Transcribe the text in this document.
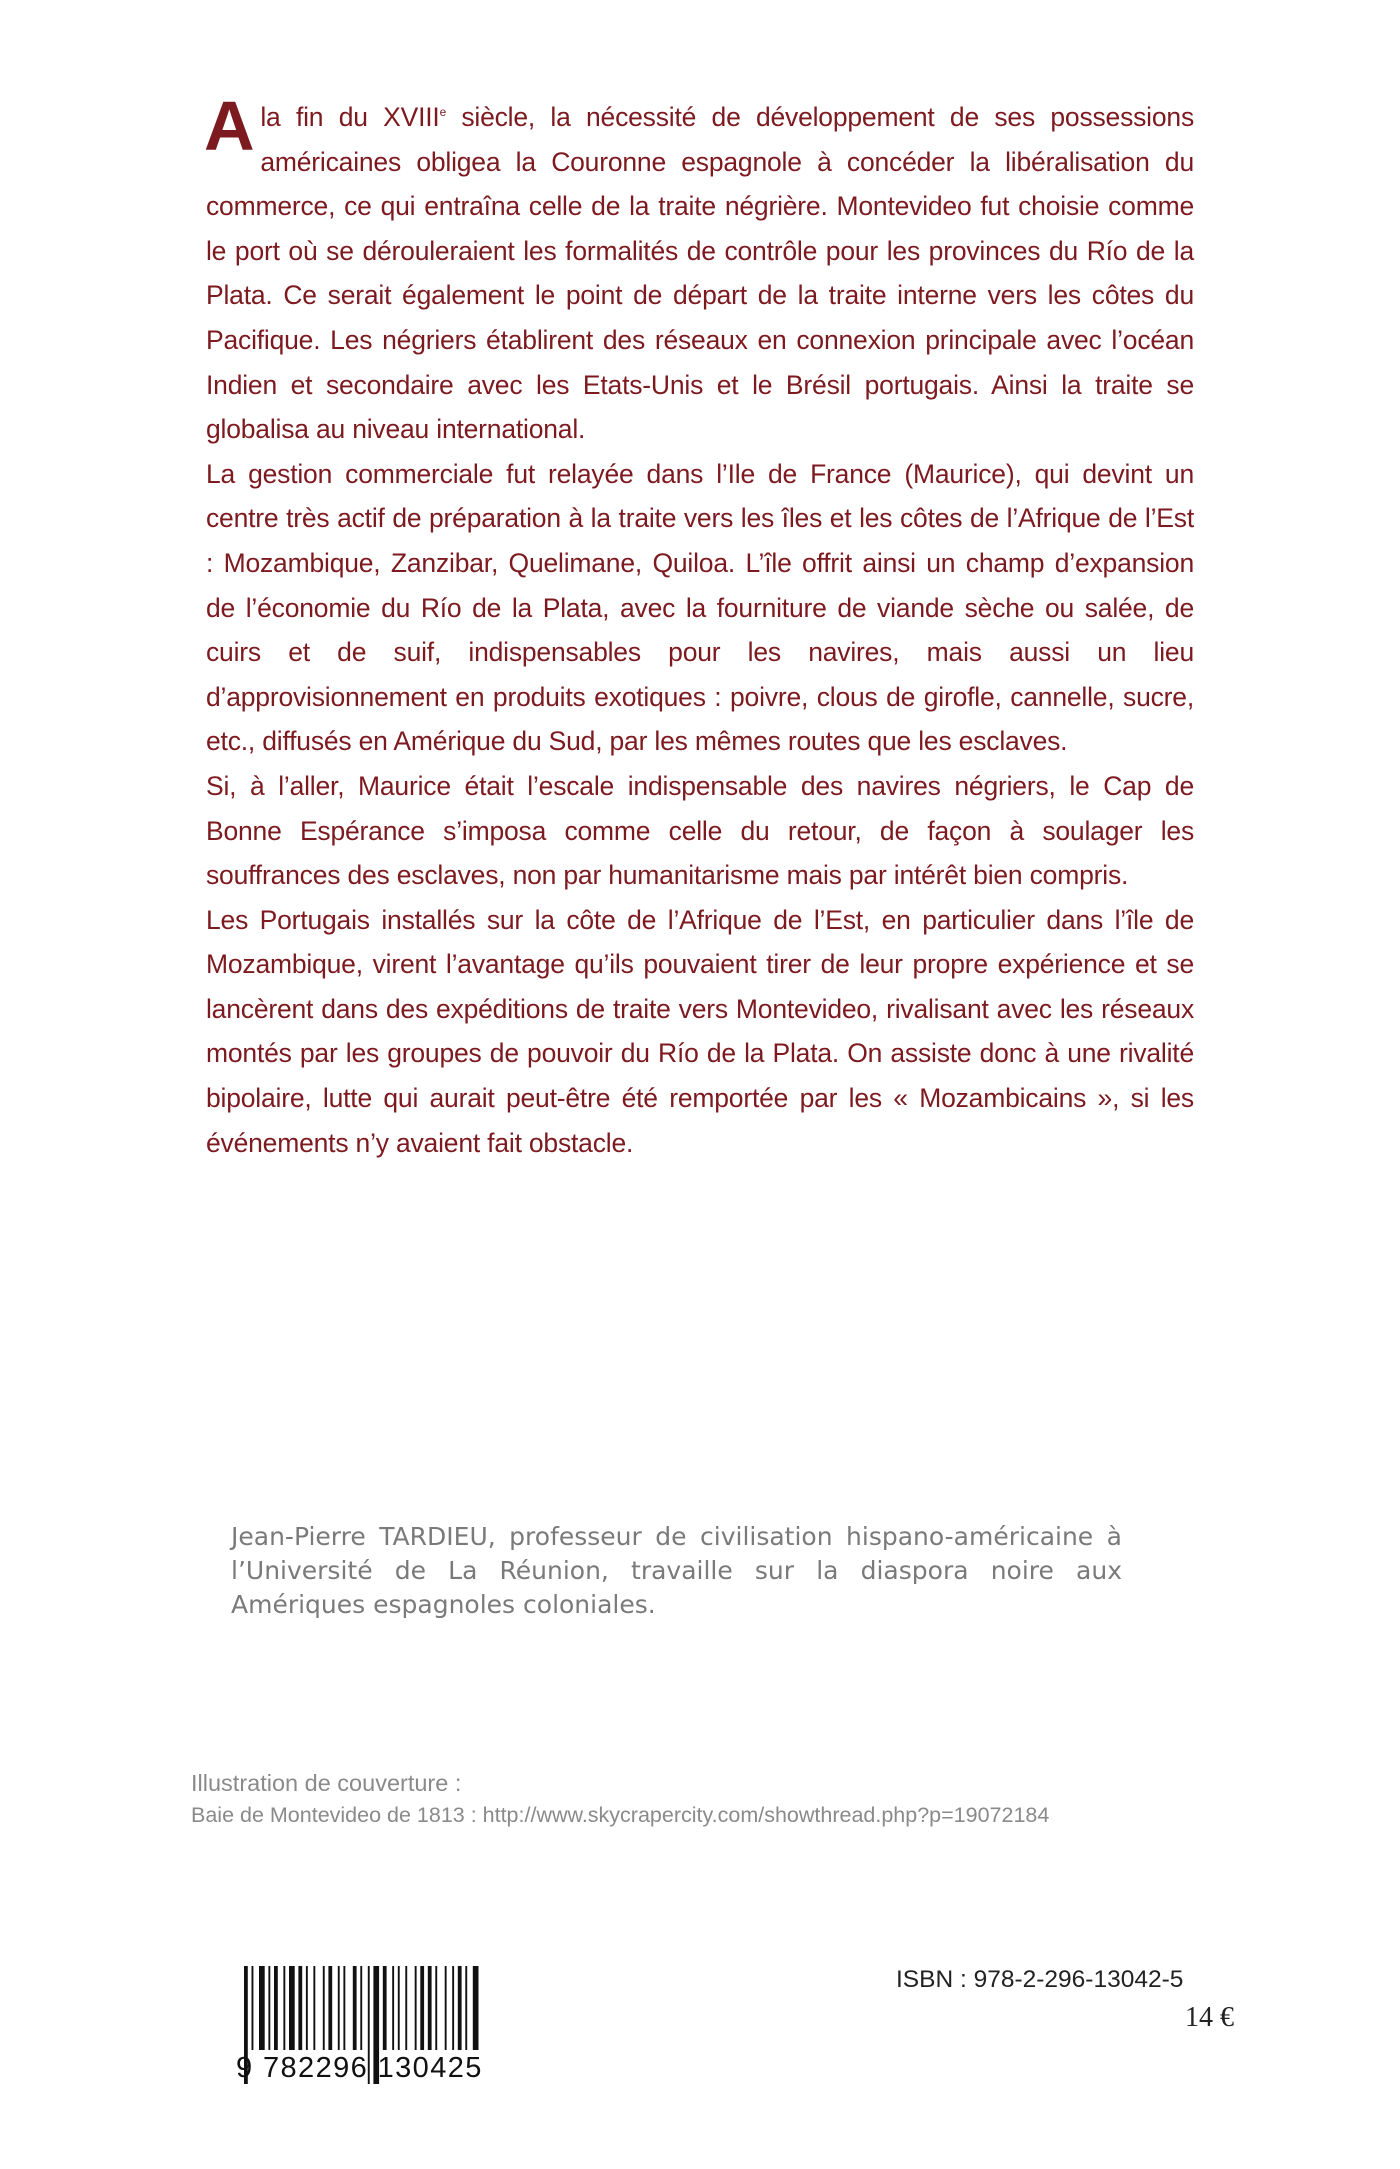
A la fin du XVIIIe siècle, la nécessité de développement de ses possessions américaines obligea la Couronne espagnole à concéder la libéralisation du commerce, ce qui entraîna celle de la traite négrière. Montevideo fut choisie comme le port où se dérouleraient les formalités de contrôle pour les provinces du Río de la Plata. Ce serait également le point de départ de la traite interne vers les côtes du Pacifique. Les négriers établirent des réseaux en connexion principale avec l’océan Indien et secondaire avec les Etats-Unis et le Brésil portugais. Ainsi la traite se globalisa au niveau international.

La gestion commerciale fut relayée dans l’Ile de France (Maurice), qui devint un centre très actif de préparation à la traite vers les îles et les côtes de l’Afrique de l’Est : Mozambique, Zanzibar, Quelimane, Quiloa. L’île offrit ainsi un champ d’expansion de l’économie du Río de la Plata, avec la fourniture de viande sèche ou salée, de cuirs et de suif, indispensables pour les navires, mais aussi un lieu d’approvisionnement en produits exotiques : poivre, clous de girofle, cannelle, sucre, etc., diffusés en Amérique du Sud, par les mêmes routes que les esclaves.

Si, à l’aller, Maurice était l’escale indispensable des navires négriers, le Cap de Bonne Espérance s’imposa comme celle du retour, de façon à soulager les souffrances des esclaves, non par humanitarisme mais par intérêt bien compris.

Les Portugais installés sur la côte de l’Afrique de l’Est, en particulier dans l’île de Mozambique, virent l’avantage qu’ils pouvaient tirer de leur propre expérience et se lancèrent dans des expéditions de traite vers Montevideo, rivalisant avec les réseaux montés par les groupes de pouvoir du Río de la Plata. On assiste donc à une rivalité bipolaire, lutte qui aurait peut-être été remportée par les « Mozambicains », si les événements n’y avaient fait obstacle.

Jean-Pierre TARDIEU, professeur de civilisation hispano-américaine à l’Université de La Réunion, travaille sur la diaspora noire aux Amériques espagnoles coloniales.
Illustration de couverture :
Baie de Montevideo de 1813 : http://www.skycrapercity.com/showthread.php?p=19072184
9 782296 130425
ISBN : 978-2-296-13042-5
14 €
